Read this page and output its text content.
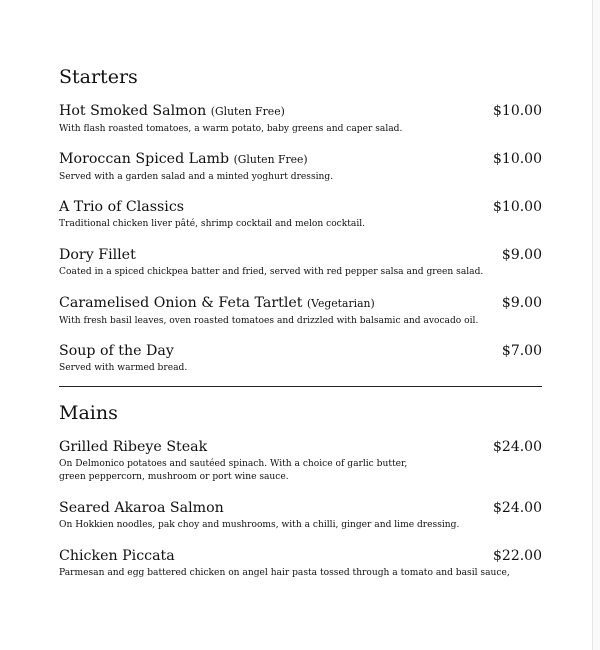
Starters
Hot Smoked Salmon (Gluten Free)	$10.00
With flash roasted tomatoes, a warm potato, baby greens and caper salad.
Moroccan Spiced Lamb (Gluten Free)	$10.00
Served with a garden salad and a minted yoghurt dressing.
A Trio of Classics	$10.00
Traditional chicken liver pâté, shrimp cocktail and melon cocktail.
Dory Fillet	$9.00
Coated in a spiced chickpea batter and fried, served with red pepper salsa and green salad.
Caramelised Onion & Feta Tartlet (Vegetarian)	$9.00
With fresh basil leaves, oven roasted tomatoes and drizzled with balsamic and avocado oil.
Soup of the Day	$7.00
Served with warmed bread.
Mains
Grilled Ribeye Steak	$24.00
On Delmonico potatoes and sautéed spinach. With a choice of garlic butter,
green peppercorn, mushroom or port wine sauce.
Seared Akaroa Salmon	$24.00
On Hokkien noodles, pak choy and mushrooms, with a chilli, ginger and lime dressing.
Chicken Piccata	$22.00
Parmesan and egg battered chicken on angel hair pasta tossed through a tomato and basil sauce,
